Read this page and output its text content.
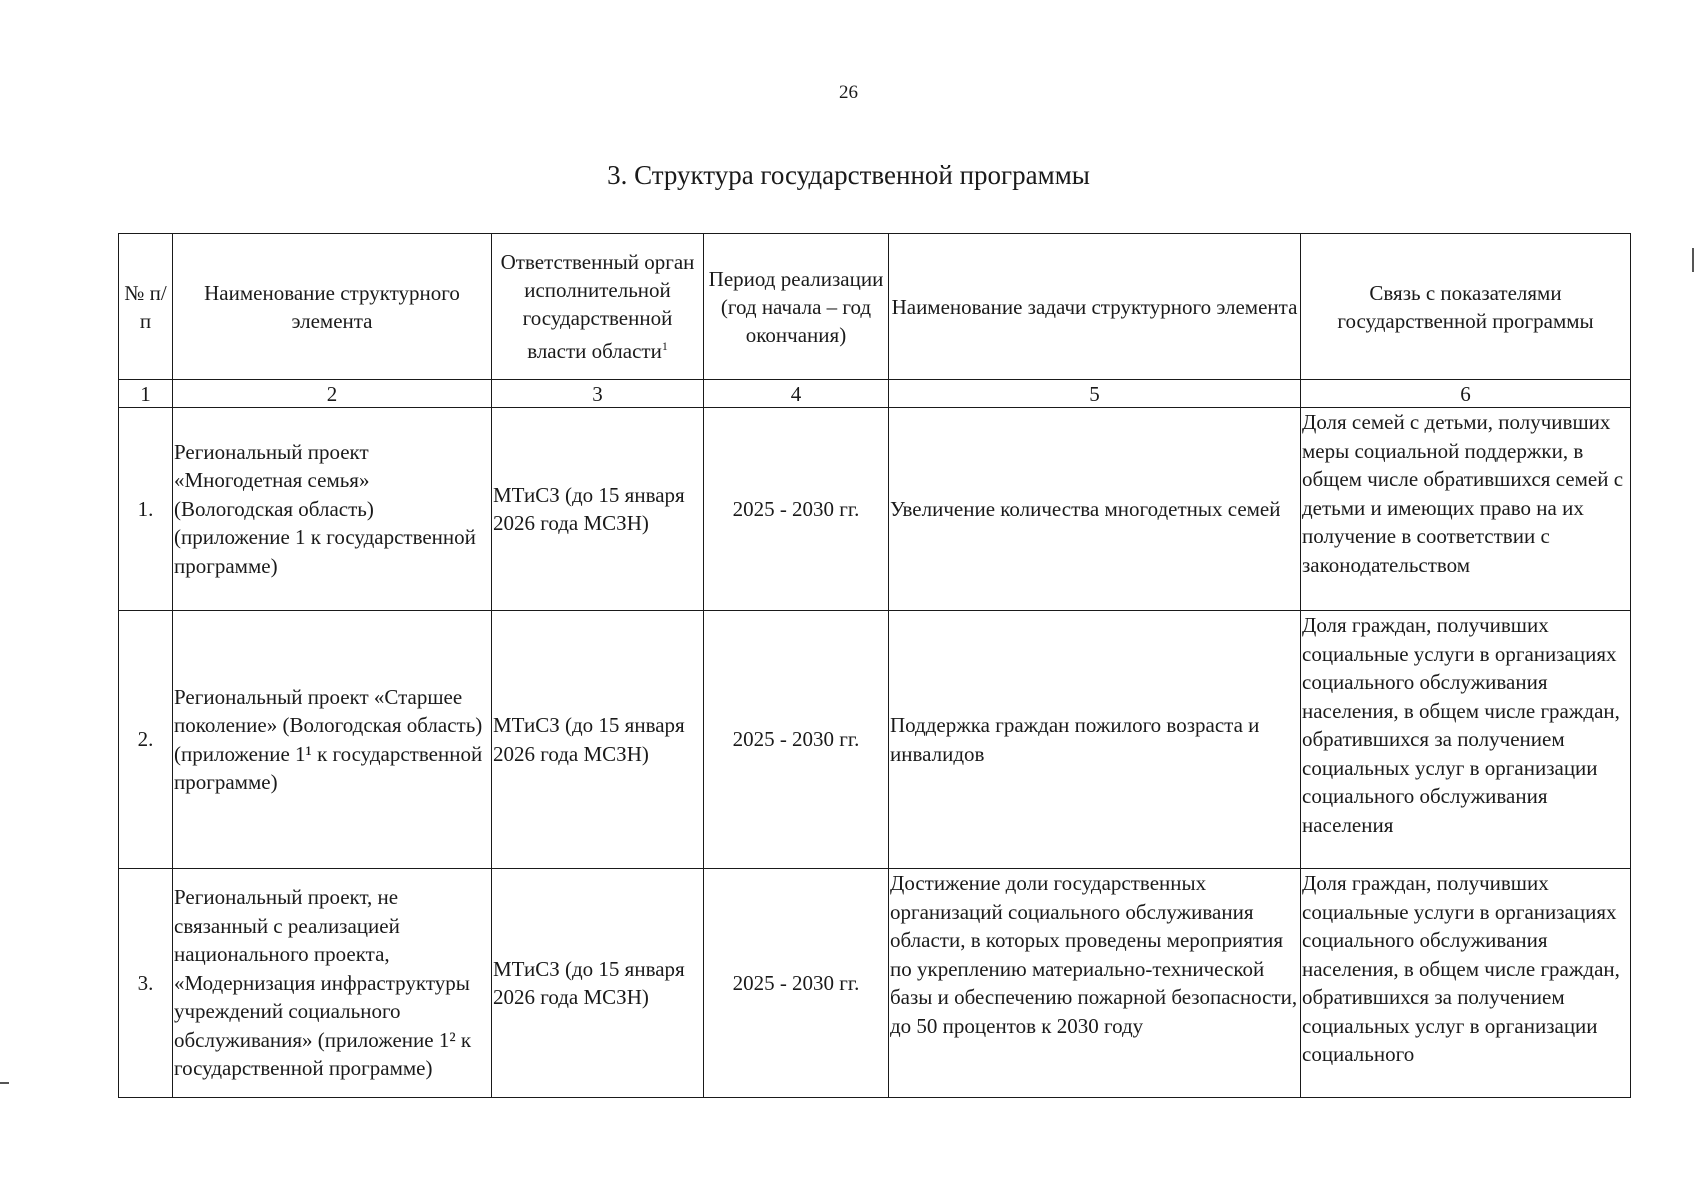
26
3. Структура государственной программы
№ п/п	Наименование структурного элемента	Ответственный орган исполнительной государственной власти области$^1$	Период реализации (год начала – год окончания)	Наименование задачи структурного элемента	Связь с показателями государственной программы
1	2	3	4	5	6
1.	Региональный проект «Многодетная семья» (Вологодская область) (приложение 1 к государственной программе)	МТиСЗ (до 15 января 2026 года МСЗН)	2025 - 2030 гг.	Увеличение количества многодетных семей	Доля семей с детьми, получивших меры социальной поддержки, в общем числе обратившихся семей с детьми и имеющих право на их получение в соответствии с законодательством
2.	Региональный проект «Старшее поколение» (Вологодская область) (приложение 1¹ к государственной программе)	МТиСЗ (до 15 января 2026 года МСЗН)	2025 - 2030 гг.	Поддержка граждан пожилого возраста и инвалидов	Доля граждан, получивших социальные услуги в организациях социального обслуживания населения, в общем числе граждан, обратившихся за получением социальных услуг в организации социального обслуживания населения
3.	Региональный проект, не связанный с реализацией национального проекта, «Модернизация инфраструктуры учреждений социального обслуживания» (приложение 1² к государственной программе)	МТиСЗ (до 15 января 2026 года МСЗН)	2025 - 2030 гг.	Достижение доли государственных организаций социального обслуживания области, в которых проведены мероприятия по укреплению материально-технической базы и обеспечению пожарной безопасности, до 50 процентов к 2030 году	Доля граждан, получивших социальные услуги в организациях социального обслуживания населения, в общем числе граждан, обратившихся за получением социальных услуг в организации социального
